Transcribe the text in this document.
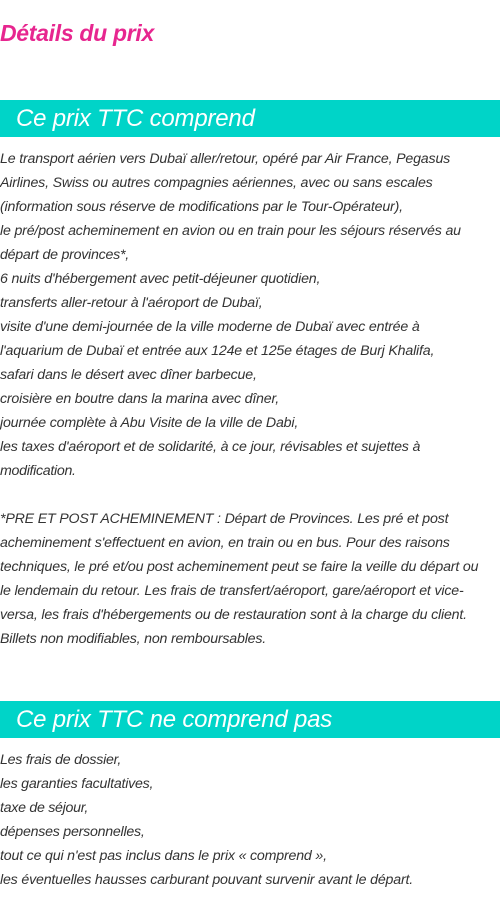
Détails du prix
Ce prix TTC comprend
Le transport aérien vers Dubaï aller/retour, opéré par Air France, Pegasus
Airlines, Swiss ou autres compagnies aériennes, avec ou sans escales
(information sous réserve de modifications par le Tour-Opérateur),
le pré/post acheminement en avion ou en train pour les séjours réservés au
départ de provinces*,
6 nuits d'hébergement avec petit-déjeuner quotidien,
transferts aller-retour à l'aéroport de Dubaï,
visite d'une demi-journée de la ville moderne de Dubaï avec entrée à
l'aquarium de Dubaï et entrée aux 124e et 125e étages de Burj Khalifa,
safari dans le désert avec dîner barbecue,
croisière en boutre dans la marina avec dîner,
journée complète à Abu Visite de la ville de Dabi,
les taxes d'aéroport et de solidarité, à ce jour, révisables et sujettes à
modification.
*PRE ET POST ACHEMINEMENT : Départ de Provinces. Les pré et post
acheminement s'effectuent en avion, en train ou en bus. Pour des raisons
techniques, le pré et/ou post acheminement peut se faire la veille du départ ou
le lendemain du retour. Les frais de transfert/aéroport, gare/aéroport et vice-
versa, les frais d'hébergements ou de restauration sont à la charge du client.
Billets non modifiables, non remboursables.
Ce prix TTC ne comprend pas
Les frais de dossier,
les garanties facultatives,
taxe de séjour,
dépenses personnelles,
tout ce qui n'est pas inclus dans le prix « comprend »,
les éventuelles hausses carburant pouvant survenir avant le départ.
